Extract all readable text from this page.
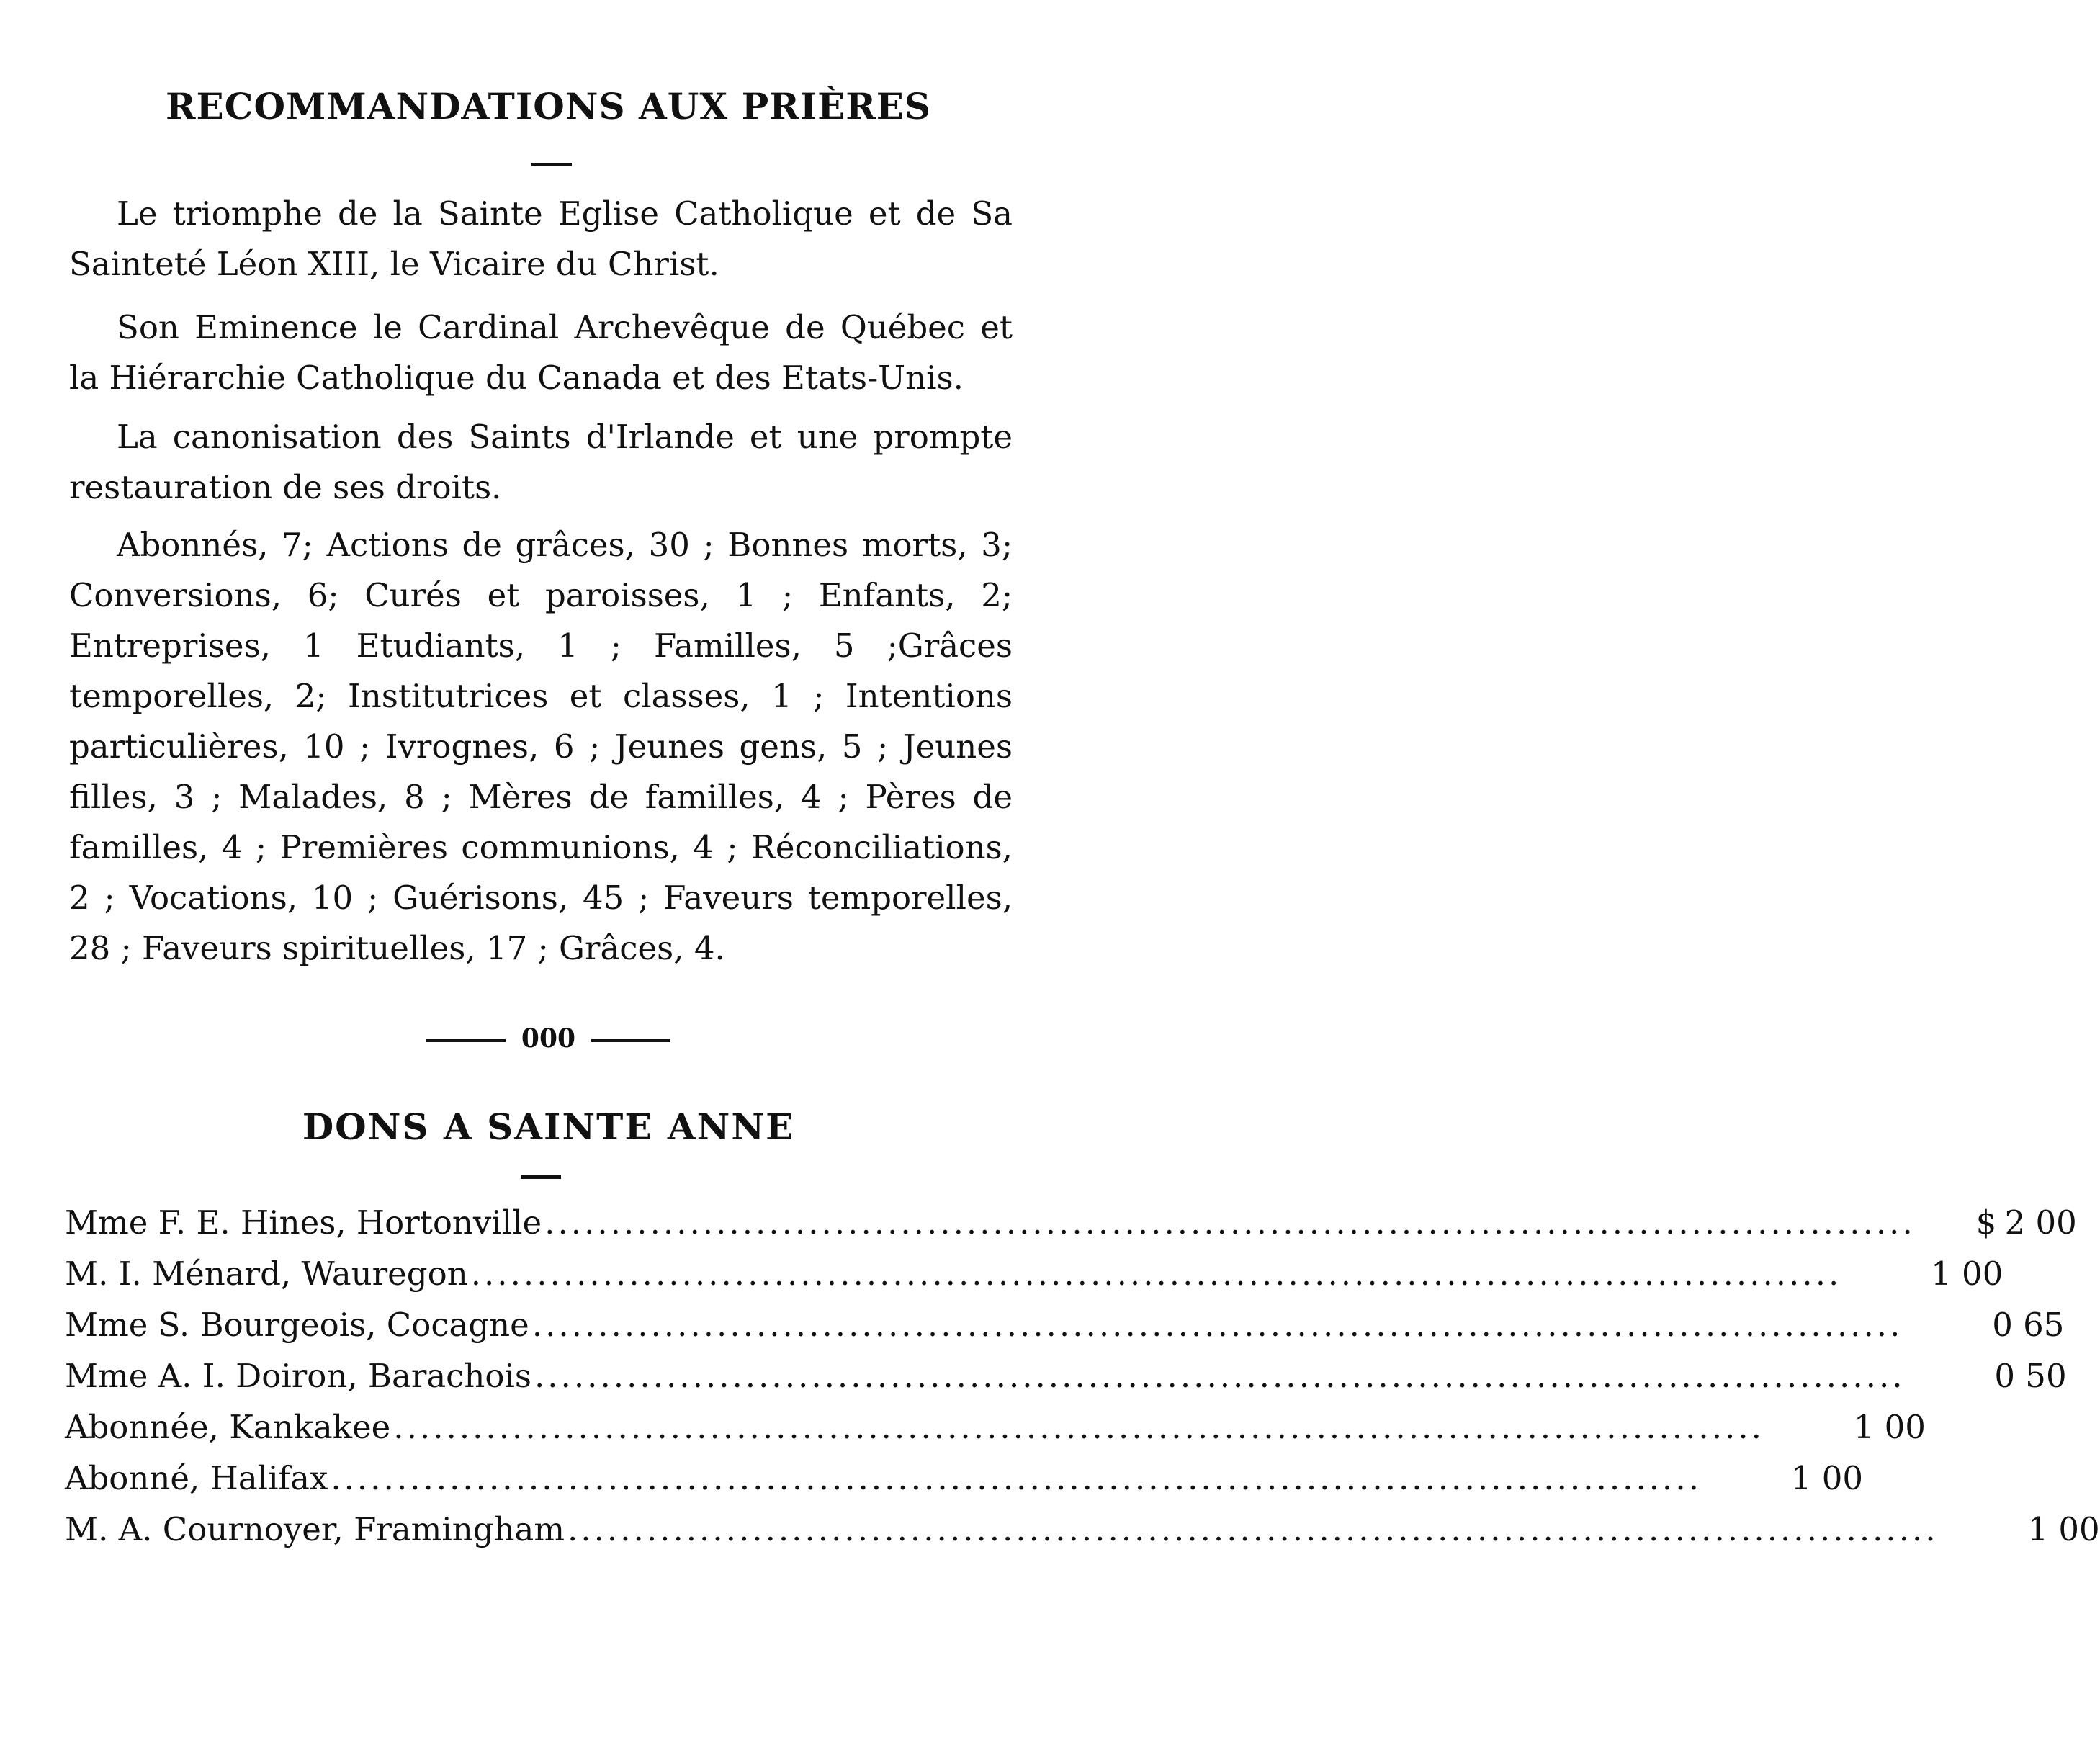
RECOMMANDATIONS AUX PRIÈRES

Le triomphe de la Sainte Eglise Catholique et de Sa Sainteté Léon XIII, le Vicaire du Christ.

Son Eminence le Cardinal Archevêque de Québec et la Hiérarchie Catholique du Canada et des Etats-Unis.

La canonisation des Saints d'Irlande et une prompte restauration de ses droits.

Abonnés, 7; Actions de grâces, 30 ; Bonnes morts, 3; Conversions, 6; Curés et paroisses, 1 ; Enfants, 2; Entreprises, 1 Etudiants, 1 ; Familles, 5 ;Grâces temporelles, 2; Institutrices et classes, 1 ; Intentions particulières, 10 ; Ivrognes, 6 ; Jeunes gens, 5 ; Jeunes filles, 3 ; Malades, 8 ; Mères de familles, 4 ; Pères de familles, 4 ; Premières communions, 4 ; Réconciliations, 2 ; Vocations, 10 ; Guérisons, 45 ; Faveurs temporelles, 28 ; Faveurs spirituelles, 17 ; Grâces, 4.

000
DONS A SAINTE ANNE
Mme F. E. Hines, Hortonville ........................................................................................................	$ 2 00
M. I. Ménard, Wauregon ........................................................................................................	1 00
Mme S. Bourgeois, Cocagne ........................................................................................................	0 65
Mme A. I. Doiron, Barachois ........................................................................................................	0 50
Abonnée, Kankakee ........................................................................................................	1 00
Abonné, Halifax ........................................................................................................	1 00
M. A. Cournoyer, Framingham ........................................................................................................	1 00
